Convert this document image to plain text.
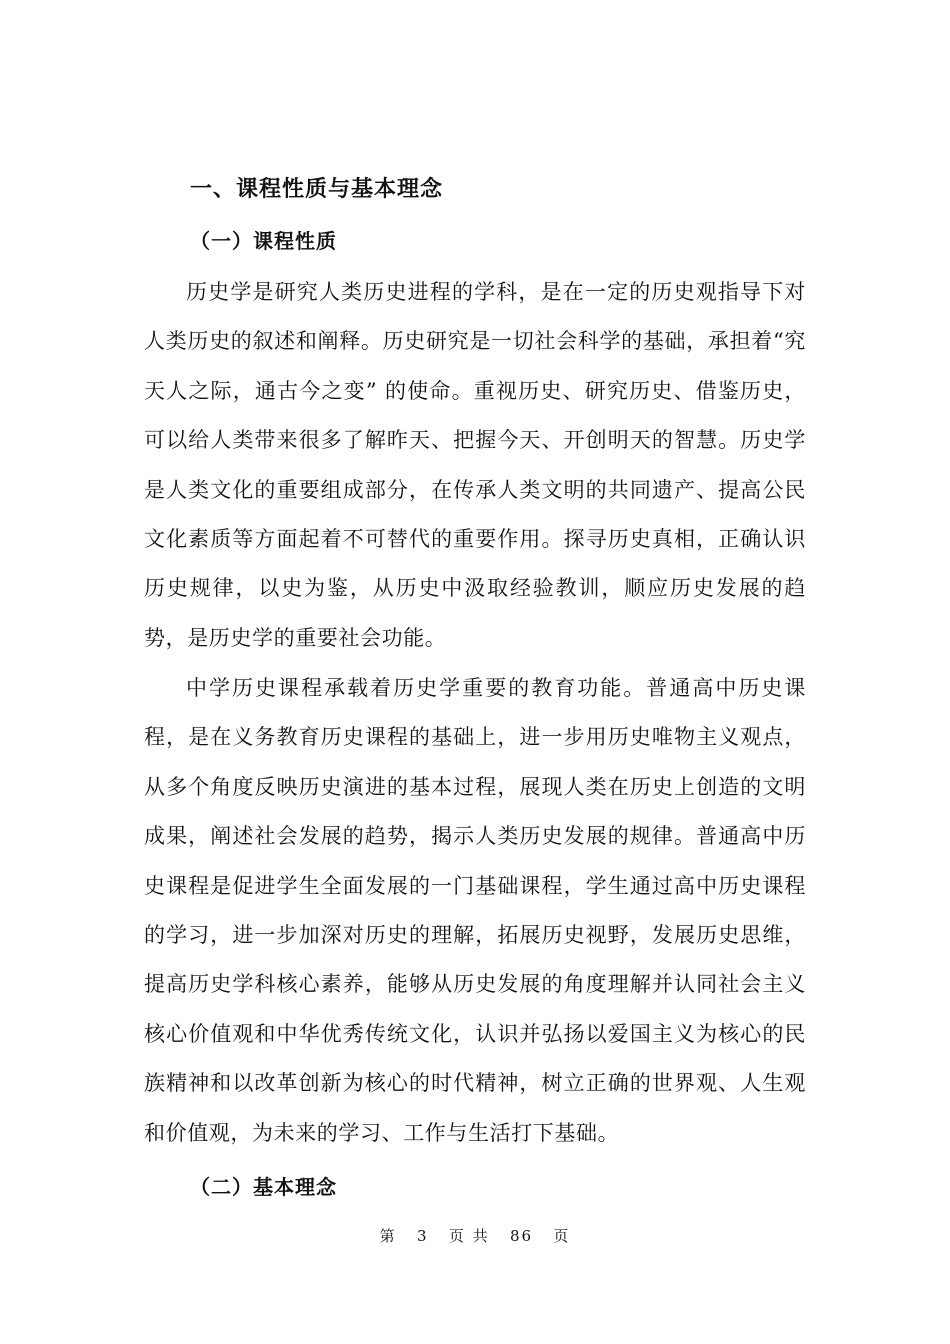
一、课程性质与基本理念
（一）课程性质

历史学是研究人类历史进程的学科，是在一定的历史观指导下对人类历史的叙述和阐释。历史研究是一切社会科学的基础，承担着“究天人之际，通古今之变” 的使命。重视历史、研究历史、借鉴历史，可以给人类带来很多了解昨天、把握今天、开创明天的智慧。历史学是人类文化的重要组成部分，在传承人类文明的共同遗产、提高公民文化素质等方面起着不可替代的重要作用。探寻历史真相，正确认识历史规律，以史为鉴，从历史中汲取经验教训，顺应历史发展的趋势，是历史学的重要社会功能。

中学历史课程承载着历史学重要的教育功能。普通高中历史课程，是在义务教育历史课程的基础上，进一步用历史唯物主义观点，从多个角度反映历史演进的基本过程，展现人类在历史上创造的文明成果，阐述社会发展的趋势，揭示人类历史发展的规律。普通高中历史课程是促进学生全面发展的一门基础课程，学生通过高中历史课程的学习，进一步加深对历史的理解，拓展历史视野，发展历史思维，提高历史学科核心素养，能够从历史发展的角度理解并认同社会主义核心价值观和中华优秀传统文化，认识并弘扬以爱国主义为核心的民族精神和以改革创新为核心的时代精神，树立正确的世界观、人生观和价值观，为未来的学习、工作与生活打下基础。

（二）基本理念
第 3 页 共 86 页
